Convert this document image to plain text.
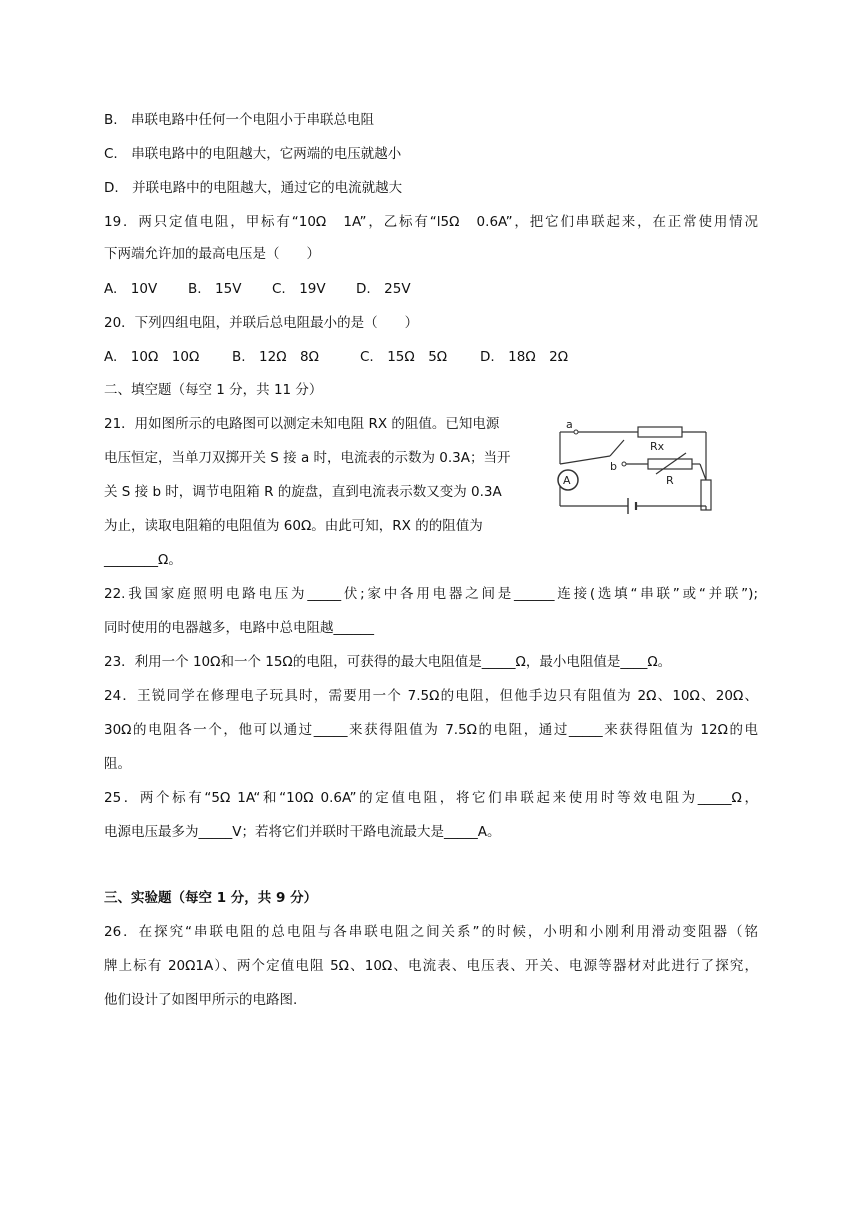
B.　串联电路中任何一个电阻小于串联总电阻
C.　串联电路中的电阻越大，它两端的电压就越小
D.　并联电路中的电阻越大，通过它的电流就越大
19．两只定值电阻，甲标有“10Ω　1A”，乙标有“l5Ω　0.6A”，把它们串联起来，在正常使用情况
下两端允许加的最高电压是（　　）
A.　10V B.　15V C.　19V D.　25V
20．下列四组电阻，并联后总电阻最小的是（　　）
A.　10Ω　10Ω B.　12Ω　8Ω	C.　15Ω　5Ω D.　18Ω　2Ω
二、填空题（每空 1 分，共 11 分）
21．用如图所示的电路图可以测定未知电阻 RX 的阻值。已知电源
电压恒定，当单刀双掷开关 S 接 a 时，电流表的示数为 0.3A；当开
关 S 接 b 时，调节电阻箱 R 的旋盘，直到电流表示数又变为 0.3A
为止，读取电阻箱的电阻值为 60Ω。由此可知，RX 的的阻值为
________Ω。
A
a
b
Rx
R
22.我国家庭照明电路电压为_____伏;家中各用电器之间是______连接(选填“串联”或“并联”);
同时使用的电器越多，电路中总电阻越______
23．利用一个 10Ω和一个 15Ω的电阻，可获得的最大电阻值是_____Ω，最小电阻值是____Ω。
24．王锐同学在修理电子玩具时，需要用一个 7.5Ω的电阻，但他手边只有阻值为 2Ω、10Ω、20Ω、
30Ω的电阻各一个，他可以通过_____来获得阻值为 7.5Ω的电阻，通过_____来获得阻值为 12Ω的电
阻。
25．两个标有“5Ω 1A“和“10Ω 0.6A”的定值电阻，将它们串联起来使用时等效电阻为_____Ω，
电源电压最多为_____V；若将它们并联时干路电流最大是_____A。
三、实验题（每空 1 分，共 9 分）
26．在探究“串联电阻的总电阻与各串联电阻之间关系”的时候，小明和小刚利用滑动变阻器（铭
牌上标有 20Ω1A）、两个定值电阻 5Ω、10Ω、电流表、电压表、开关、电源等器材对此进行了探究，
他们设计了如图甲所示的电路图.
